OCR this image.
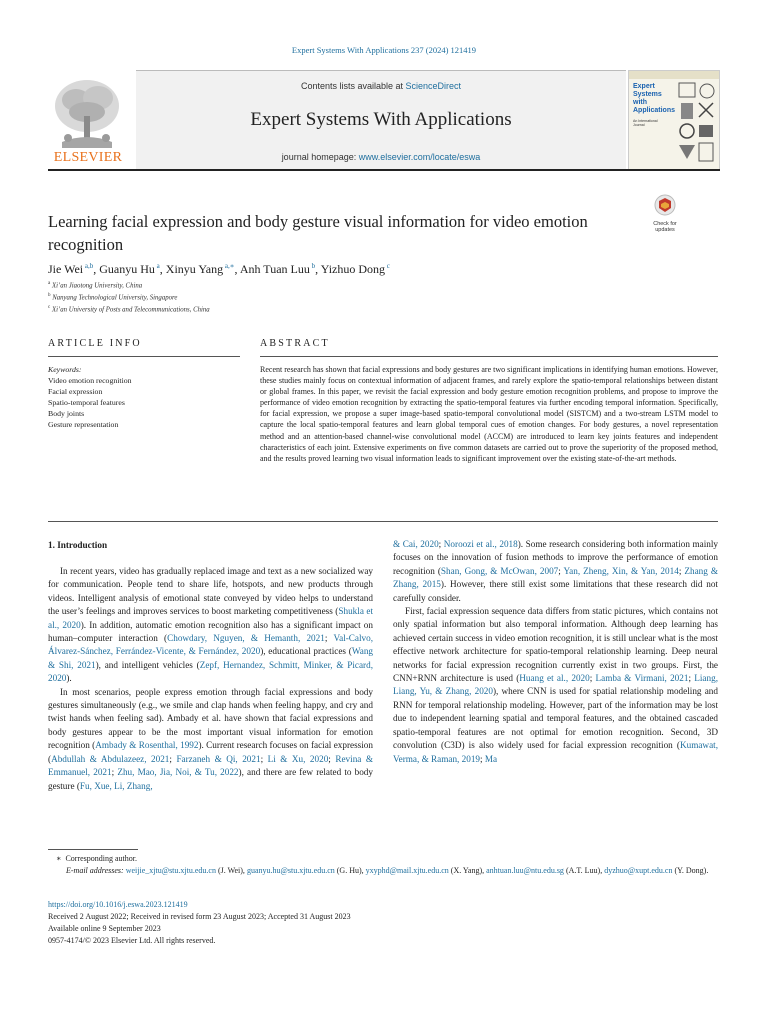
Expert Systems With Applications 237 (2024) 121419
ELSEVIER
Contents lists available at ScienceDirect
Expert Systems With Applications
journal homepage: www.elsevier.com/locate/eswa
Expert Systems with Applications
An International Journal
Learning facial expression and body gesture visual information for video emotion recognition
Check for updates
Jie Wei $^{a,b}$, Guanyu Hu $^a$, Xinyu Yang $^{a,∗}$, Anh Tuan Luu $^b$, Yizhuo Dong $^c$
$^a$ Xi’an Jiaotong University, China
$^b$ Nanyang Technological University, Singapore
$^c$ Xi’an University of Posts and Telecommunications, China
ARTICLE INFO
Keywords:
Video emotion recognition
Facial expression
Spatio-temporal features
Body joints
Gesture representation
ABSTRACT
Recent research has shown that facial expressions and body gestures are two significant implications in identifying human emotions. However, these studies mainly focus on contextual information of adjacent frames, and rarely explore the spatio-temporal relationships between distant or global frames. In this paper, we revisit the facial expression and body gesture emotion recognition problems, and propose to improve the performance of video emotion recognition by extracting the spatio-temporal features via further encoding temporal information. Specifically, for facial expression, we propose a super image-based spatio-temporal convolutional model (SISTCM) and a two-stream LSTM model to capture the local spatio-temporal features and learn global temporal cues of emotion changes. For body gestures, a novel representation method and an attention-based channel-wise convolutional model (ACCM) are introduced to learn key joints features and independent characteristics of each joint. Extensive experiments on five common datasets are carried out to prove the superiority of the proposed method, and the results proved learning two visual information leads to significant improvement over the existing state-of-the-art methods.
1. Introduction

In recent years, video has gradually replaced image and text as a new socialized way for communication. People tend to share life, hotspots, and new products through videos. Intelligent analysis of emotional state conveyed by video helps to understand the user’s feelings and improves services to boost marketing competitiveness (Shukla et al., 2020). In addition, automatic emotion recognition also has a significant impact on human–computer interaction (Chowdary, Nguyen, & Hemanth, 2021; Val-Calvo, Álvarez-Sánchez, Ferrández-Vicente, & Fernández, 2020), educational practices (Wang & Shi, 2021), and intelligent vehicles (Zepf, Hernandez, Schmitt, Minker, & Picard, 2020).

In most scenarios, people express emotion through facial expressions and body gestures simultaneously (e.g., we smile and clap hands when feeling happy, and cry and twist hands when feeling sad). Ambady et al. have shown that facial expressions and body gestures appear to be the most important visual information for emotion recognition (Ambady & Rosenthal, 1992). Current research focuses on facial expression (Abdullah & Abdulazeez, 2021; Farzaneh & Qi, 2021; Li & Xu, 2020; Revina & Emmanuel, 2021; Zhu, Mao, Jia, Noi, & Tu, 2022), and there are few related to body gesture (Fu, Xue, Li, Zhang,

& Cai, 2020; Noroozi et al., 2018). Some research considering both information mainly focuses on the innovation of fusion methods to improve the performance of emotion recognition (Shan, Gong, & McOwan, 2007; Yan, Zheng, Xin, & Yan, 2014; Zhang & Zhang, 2015). However, there still exist some limitations that these research did not carefully consider.

First, facial expression sequence data differs from static pictures, which contains not only spatial information but also temporal information. Although deep learning has achieved certain success in video emotion recognition, it is still unclear what is the most effective network architecture for spatio-temporal relationship learning. Deep neural networks for facial expression recognition currently exist in two groups. First, the CNN+RNN architecture is used (Huang et al., 2020; Lamba & Virmani, 2021; Liang, Liang, Yu, & Zhang, 2020), where CNN is used for spatial relationship modeling and RNN for temporal relationship modeling. However, part of the information may be lost due to independent learning spatial and temporal features, and the obtained cascaded spatio-temporal features are not optimal for emotion recognition. Second, 3D convolution (C3D) is also widely used for facial expression recognition (Kumawat, Verma, & Raman, 2019; Ma

∗ Corresponding author.
E-mail addresses: weijie_xjtu@stu.xjtu.edu.cn (J. Wei), guanyu.hu@stu.xjtu.edu.cn (G. Hu), yxyphd@mail.xjtu.edu.cn (X. Yang), anhtuan.luu@ntu.edu.sg (A.T. Luu), dyzhuo@xupt.edu.cn (Y. Dong).
https://doi.org/10.1016/j.eswa.2023.121419
Received 2 August 2022; Received in revised form 23 August 2023; Accepted 31 August 2023
Available online 9 September 2023
0957-4174/© 2023 Elsevier Ltd. All rights reserved.
